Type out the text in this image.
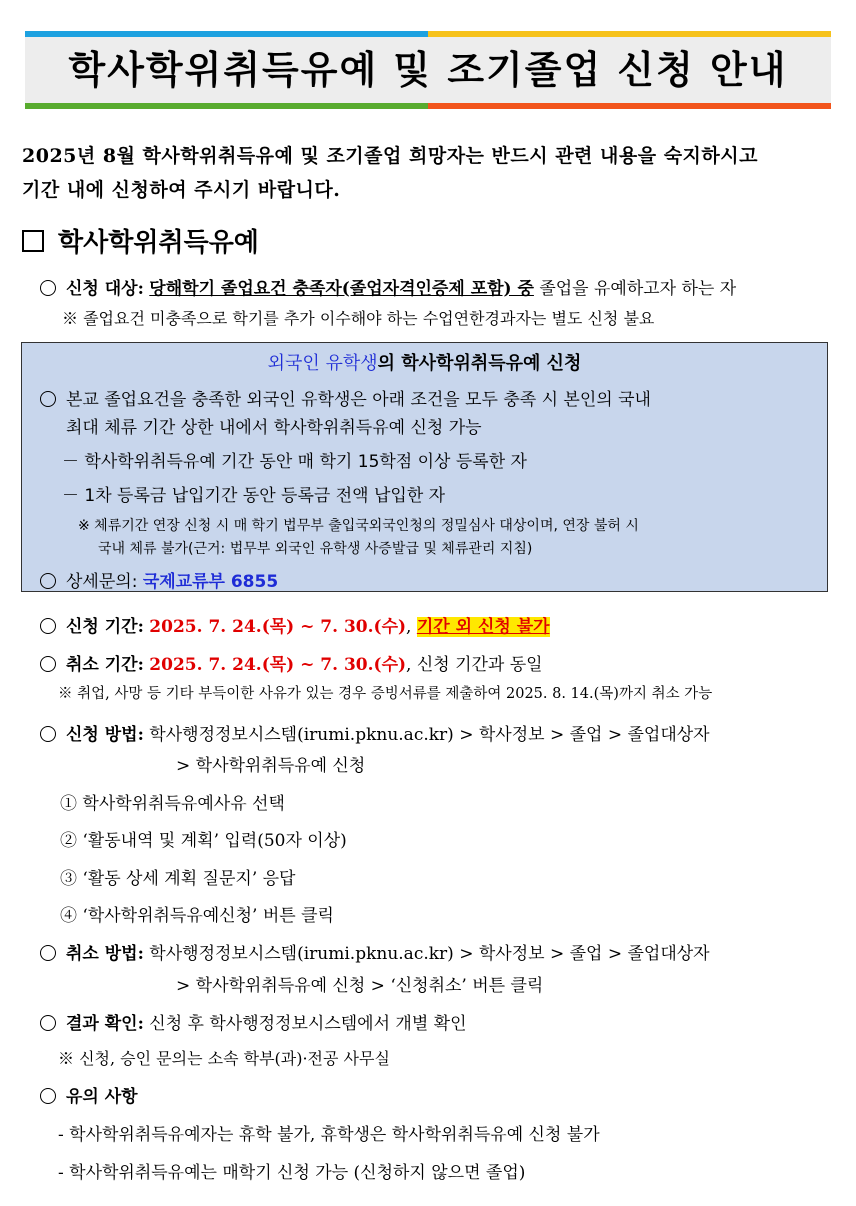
학사학위취득유예 및 조기졸업 신청 안내
2025년 8월 학사학위취득유예 및 조기졸업 희망자는 반드시 관련 내용을 숙지하시고
기간 내에 신청하여 주시기 바랍니다.
학사학위취득유예
신청 대상: 당해학기 졸업요건 충족자(졸업자격인증제 포함) 중 졸업을 유예하고자 하는 자
※ 졸업요건 미충족으로 학기를 추가 이수해야 하는 수업연한경과자는 별도 신청 불요
외국인 유학생의 학사학위취득유예 신청
본교 졸업요건을 충족한 외국인 유학생은 아래 조건을 모두 충족 시 본인의 국내
최대 체류 기간 상한 내에서 학사학위취득유예 신청 가능
－ 학사학위취득유예 기간 동안 매 학기 15학점 이상 등록한 자
－ 1차 등록금 납입기간 동안 등록금 전액 납입한 자
※ 체류기간 연장 신청 시 매 학기 법무부 출입국외국인청의 정밀심사 대상이며, 연장 불허 시
국내 체류 불가(근거: 법무부 외국인 유학생 사증발급 및 체류관리 지침)
상세문의: 국제교류부 6855
신청 기간: 2025. 7. 24.(목) ~ 7. 30.(수), 기간 외 신청 불가
취소 기간: 2025. 7. 24.(목) ~ 7. 30.(수), 신청 기간과 동일
※ 취업, 사망 등 기타 부득이한 사유가 있는 경우 증빙서류를 제출하여 2025. 8. 14.(목)까지 취소 가능
신청 방법: 학사행정정보시스템(irumi.pknu.ac.kr) > 학사정보 > 졸업 > 졸업대상자
> 학사학위취득유예 신청
① 학사학위취득유예사유 선택
② ‘활동내역 및 계획’ 입력(50자 이상)
③ ‘활동 상세 계획 질문지’ 응답
④ ‘학사학위취득유예신청’ 버튼 클릭
취소 방법: 학사행정정보시스템(irumi.pknu.ac.kr) > 학사정보 > 졸업 > 졸업대상자
> 학사학위취득유예 신청 > ‘신청취소’ 버튼 클릭
결과 확인: 신청 후 학사행정정보시스템에서 개별 확인
※ 신청, 승인 문의는 소속 학부(과)·전공 사무실
유의 사항
- 학사학위취득유예자는 휴학 불가, 휴학생은 학사학위취득유예 신청 불가
- 학사학위취득유예는 매학기 신청 가능 (신청하지 않으면 졸업)
